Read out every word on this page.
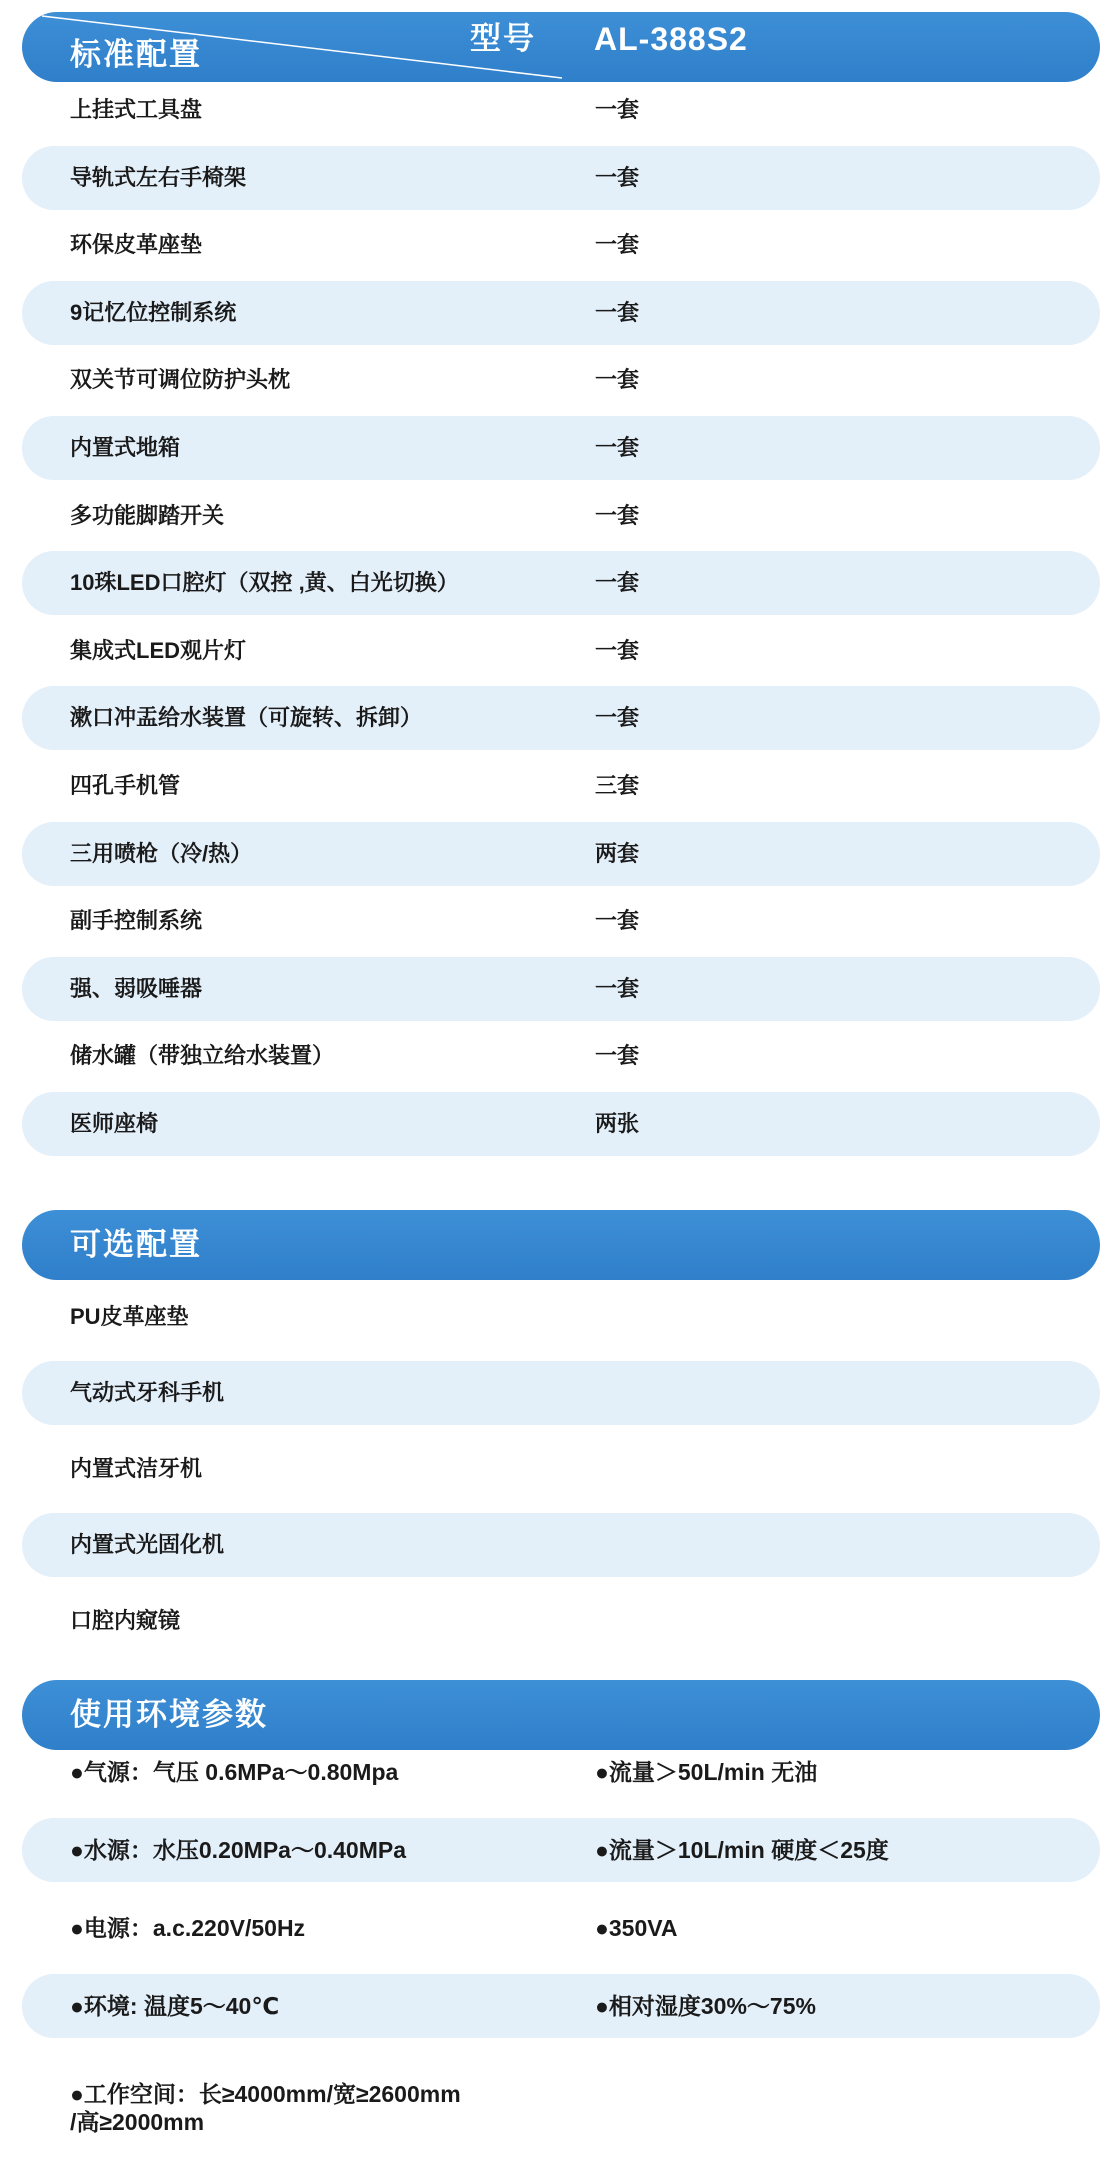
标准配置	型号 AL-388S2
上挂式工具盘	一套
导轨式左右手椅架	一套
环保皮革座垫	一套
9记忆位控制系统	一套
双关节可调位防护头枕	一套
内置式地箱	一套
多功能脚踏开关	一套
10珠LED口腔灯（双控 ,黄、白光切换）	一套
集成式LED观片灯	一套
漱口冲盂给水装置（可旋转、拆卸）	一套
四孔手机管	三套
三用喷枪（冷/热）	两套
副手控制系统	一套
强、弱吸唾器	一套
储水罐（带独立给水装置）	一套
医师座椅	两张
可选配置
PU皮革座垫
气动式牙科手机
内置式洁牙机
内置式光固化机
口腔内窥镜
使用环境参数
●气源：气压 0.6MPa～0.80Mpa	●流量＞50L/min 无油
●水源：水压0.20MPa～0.40MPa	●流量＞10L/min 硬度＜25度
●电源：a.c.220V/50Hz	●350VA
●环境: 温度5～40℃	●相对湿度30%～75%
●工作空间：长≥4000mm/宽≥2600mm
/高≥2000mm
